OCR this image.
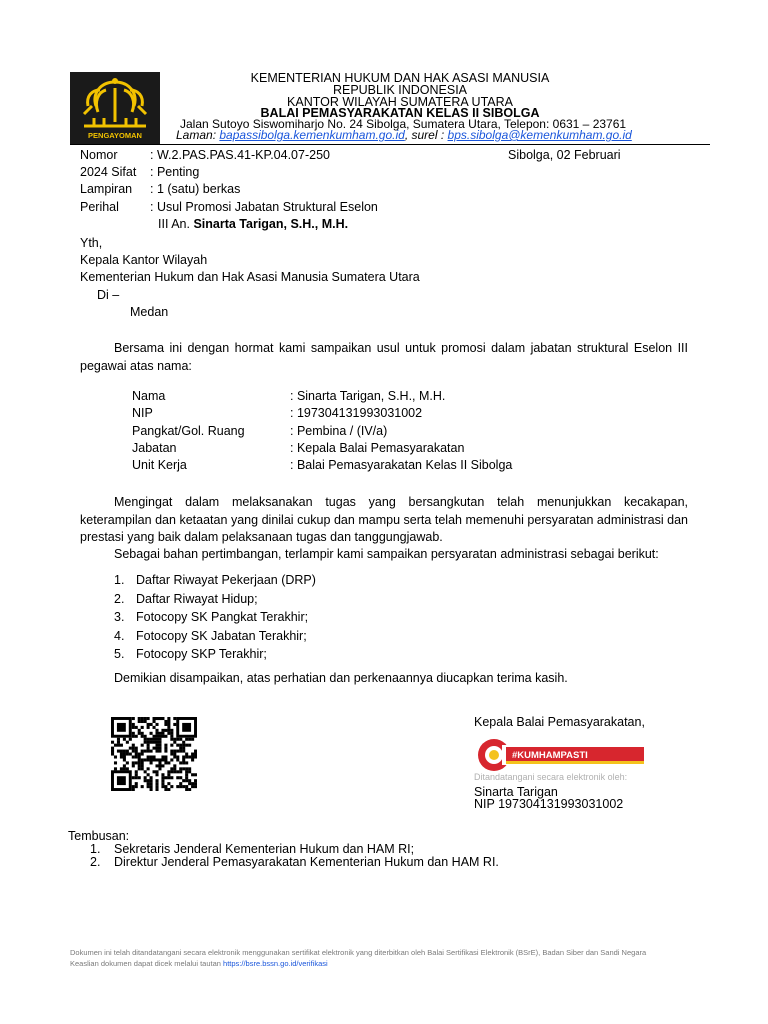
PENGAYOMAN
KEMENTERIAN HUKUM DAN HAK ASASI MANUSIA
REPUBLIK INDONESIA
KANTOR WILAYAH SUMATERA UTARA
BALAI PEMASYARAKATAN KELAS II SIBOLGA
Jalan Sutoyo Siswomiharjo No. 24 Sibolga, Sumatera Utara, Telepon: 0631 – 23761
Laman: bapassibolga.kemenkumham.go.id, surel : bps.sibolga@kemenkumham.go.id
Nomor	: W.2.PAS.PAS.41-KP.04.07-250	Sibolga, 02 Februari
2024 Sifat : Penting
Lampiran : 1 (satu) berkas
Perihal : Usul Promosi Jabatan Struktural Eselon
III An. Sinarta Tarigan, S.H., M.H.
Yth,
Kepala Kantor Wilayah
Kementerian Hukum dan Hak Asasi Manusia Sumatera Utara
Di –
Medan
Bersama ini dengan hormat kami sampaikan usul untuk promosi dalam jabatan struktural Eselon III pegawai atas nama:
Nama	: Sinarta Tarigan, S.H., M.H.
NIP	: 197304131993031002
Pangkat/Gol. Ruang	: Pembina / (IV/a)
Jabatan	: Kepala Balai Pemasyarakatan
Unit Kerja	: Balai Pemasyarakatan Kelas II Sibolga
Mengingat dalam melaksanakan tugas yang bersangkutan telah menunjukkan kecakapan, keterampilan dan ketaatan yang dinilai cukup dan mampu serta telah memenuhi persyaratan administrasi dan prestasi yang baik dalam pelaksanaan tugas dan tanggungjawab.
Sebagai bahan pertimbangan, terlampir kami sampaikan persyaratan administrasi sebagai berikut:
1. Daftar Riwayat Pekerjaan (DRP)
2. Daftar Riwayat Hidup;
3. Fotocopy SK Pangkat Terakhir;
4. Fotocopy SK Jabatan Terakhir;
5. Fotocopy SKP Terakhir;
Demikian disampaikan, atas perhatian dan perkenaannya diucapkan terima kasih.
Kepala Balai Pemasyarakatan,
#KUMHAMPASTI
Ditandatangani secara elektronik oleh:
Sinarta Tarigan
NIP 197304131993031002
Tembusan:
1. Sekretaris Jenderal Kementerian Hukum dan HAM RI;
2. Direktur Jenderal Pemasyarakatan Kementerian Hukum dan HAM RI.
Dokumen ini telah ditandatangani secara elektronik menggunakan sertifikat elektronik yang diterbitkan oleh Balai Sertifikasi Elektronik (BSrE), Badan Siber dan Sandi Negara
Keaslian dokumen dapat dicek melalui tautan https://bsre.bssn.go.id/verifikasi
